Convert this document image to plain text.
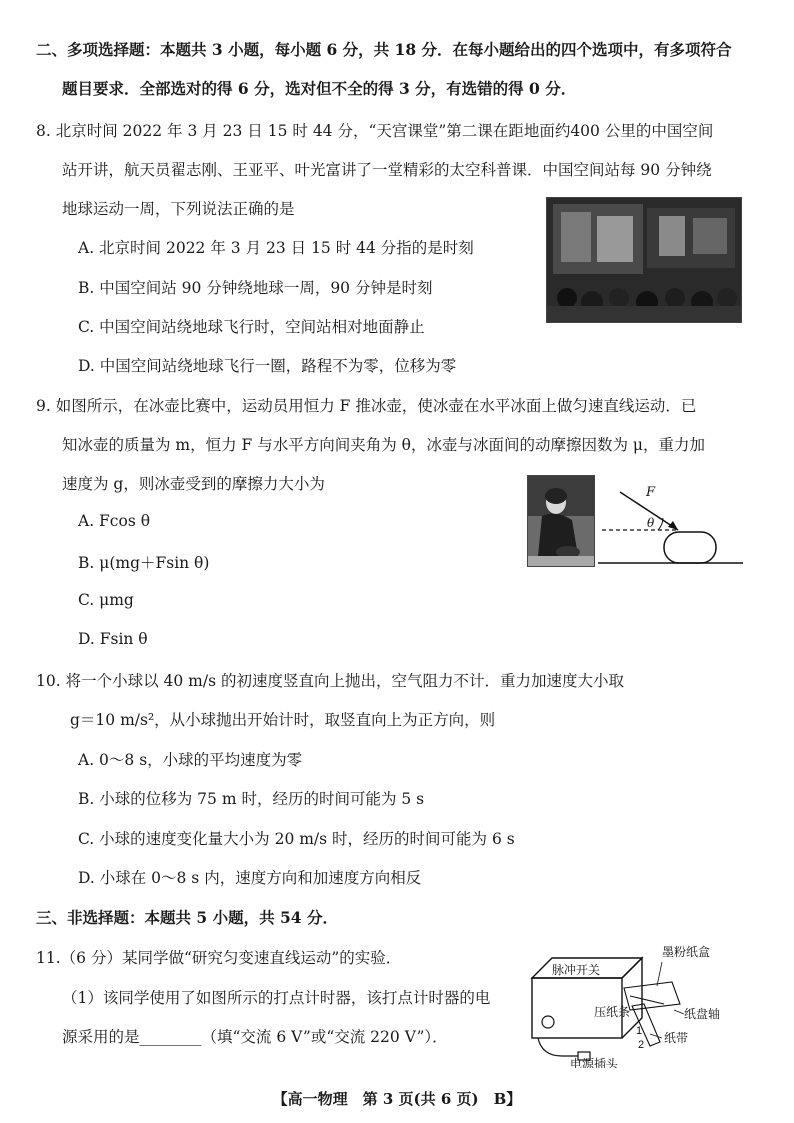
二、多项选择题：本题共 3 小题，每小题 6 分，共 18 分．在每小题给出的四个选项中，有多项符合
题目要求．全部选对的得 6 分，选对但不全的得 3 分，有选错的得 0 分．
8. 北京时间 2022 年 3 月 23 日 15 时 44 分，“天宫课堂”第二课在距地面约400 公里的中国空间
站开讲，航天员翟志刚、王亚平、叶光富讲了一堂精彩的太空科普课．中国空间站每 90 分钟绕
地球运动一周，下列说法正确的是
A. 北京时间 2022 年 3 月 23 日 15 时 44 分指的是时刻
B. 中国空间站 90 分钟绕地球一周，90 分钟是时刻
C. 中国空间站绕地球飞行时，空间站相对地面静止
D. 中国空间站绕地球飞行一圈，路程不为零，位移为零
9. 如图所示，在冰壶比赛中，运动员用恒力 F 推冰壶，使冰壶在水平冰面上做匀速直线运动．已
知冰壶的质量为 m，恒力 F 与水平方向间夹角为 θ，冰壶与冰面间的动摩擦因数为 μ，重力加
速度为 g，则冰壶受到的摩擦力大小为
A. Fcos θ
B. μ(mg＋Fsin θ)
C. μmg
D. Fsin θ
F
θ
10. 将一个小球以 40 m/s 的初速度竖直向上抛出，空气阻力不计．重力加速度大小取
g＝10 m/s²，从小球抛出开始计时，取竖直向上为正方向，则
A. 0～8 s，小球的平均速度为零
B. 小球的位移为 75 m 时，经历的时间可能为 5 s
C. 小球的速度变化量大小为 20 m/s 时，经历的时间可能为 6 s
D. 小球在 0～8 s 内，速度方向和加速度方向相反
三、非选择题：本题共 5 小题，共 54 分．
11.（6 分）某同学做“研究匀变速直线运动”的实验．
（1）该同学使用了如图所示的打点计时器，该打点计时器的电
源采用的是________（填“交流 6 V”或“交流 220 V”）．
墨粉纸盒
脉冲开关
压纸条	纸盘轴
纸带
电源插头
1
2
【高一物理　第 3 页(共 6 页)　B】
